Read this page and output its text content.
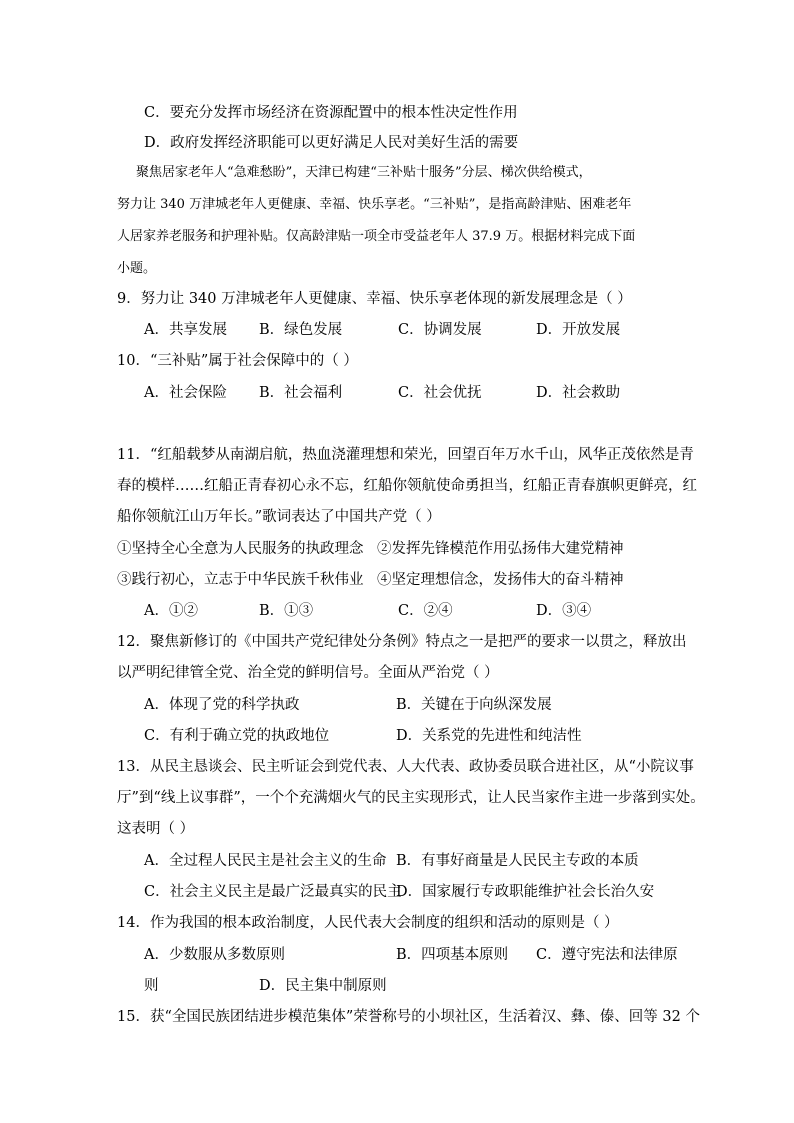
C．要充分发挥市场经济在资源配置中的根本性决定性作用
D．政府发挥经济职能可以更好满足人民对美好生活的需要
聚焦居家老年人“急难愁盼”，天津已构建“三补贴十服务”分层、梯次供给模式，
努力让 340 万津城老年人更健康、幸福、快乐享老。“三补贴”，是指高龄津贴、困难老年
人居家养老服务和护理补贴。仅高龄津贴一项全市受益老年人 37.9 万。根据材料完成下面
小题。
9．努力让 340 万津城老年人更健康、幸福、快乐享老体现的新发展理念是（ ）
A．共享发展 B．绿色发展	C．协调发展	D．开放发展
10．“三补贴”属于社会保障中的（ ）
A．社会保险 B．社会福利	C．社会优抚	D．社会救助
11．“红船载梦从南湖启航，热血浇灌理想和荣光，回望百年万水千山，风华正茂依然是青
春的模样……红船正青春初心永不忘，红船你领航使命勇担当，红船正青春旗帜更鲜亮，红
船你领航江山万年长。”歌词表达了中国共产党（ ）
①坚持全心全意为人民服务的执政理念 ②发挥先锋模范作用弘扬伟大建党精神
③践行初心，立志于中华民族千秋伟业 ④坚定理想信念，发扬伟大的奋斗精神
A．①②	B．①③	C．②④	D．③④
12．聚焦新修订的《中国共产党纪律处分条例》特点之一是把严的要求一以贯之，释放出
以严明纪律管全党、治全党的鲜明信号。全面从严治党（ ）
A．体现了党的科学执政	B．关键在于向纵深发展
C．有利于确立党的执政地位	D．关系党的先进性和纯洁性
13．从民主恳谈会、民主听证会到党代表、人大代表、政协委员联合进社区，从“小院议事
厅”到“线上议事群”，一个个充满烟火气的民主实现形式，让人民当家作主进一步落到实处。
这表明（ ）
A．全过程人民民主是社会主义的生命 B．有事好商量是人民民主专政的本质
C．社会主义民主是最广泛最真实的民主
D．国家履行专政职能维护社会长治久安
14．作为我国的根本政治制度，人民代表大会制度的组织和活动的原则是（ ）
A．少数服从多数原则	B．四项基本原则 C．遵守宪法和法律原
则	D．民主集中制原则
15．获“全国民族团结进步模范集体”荣誉称号的小坝社区，生活着汉、彝、傣、回等 32 个
